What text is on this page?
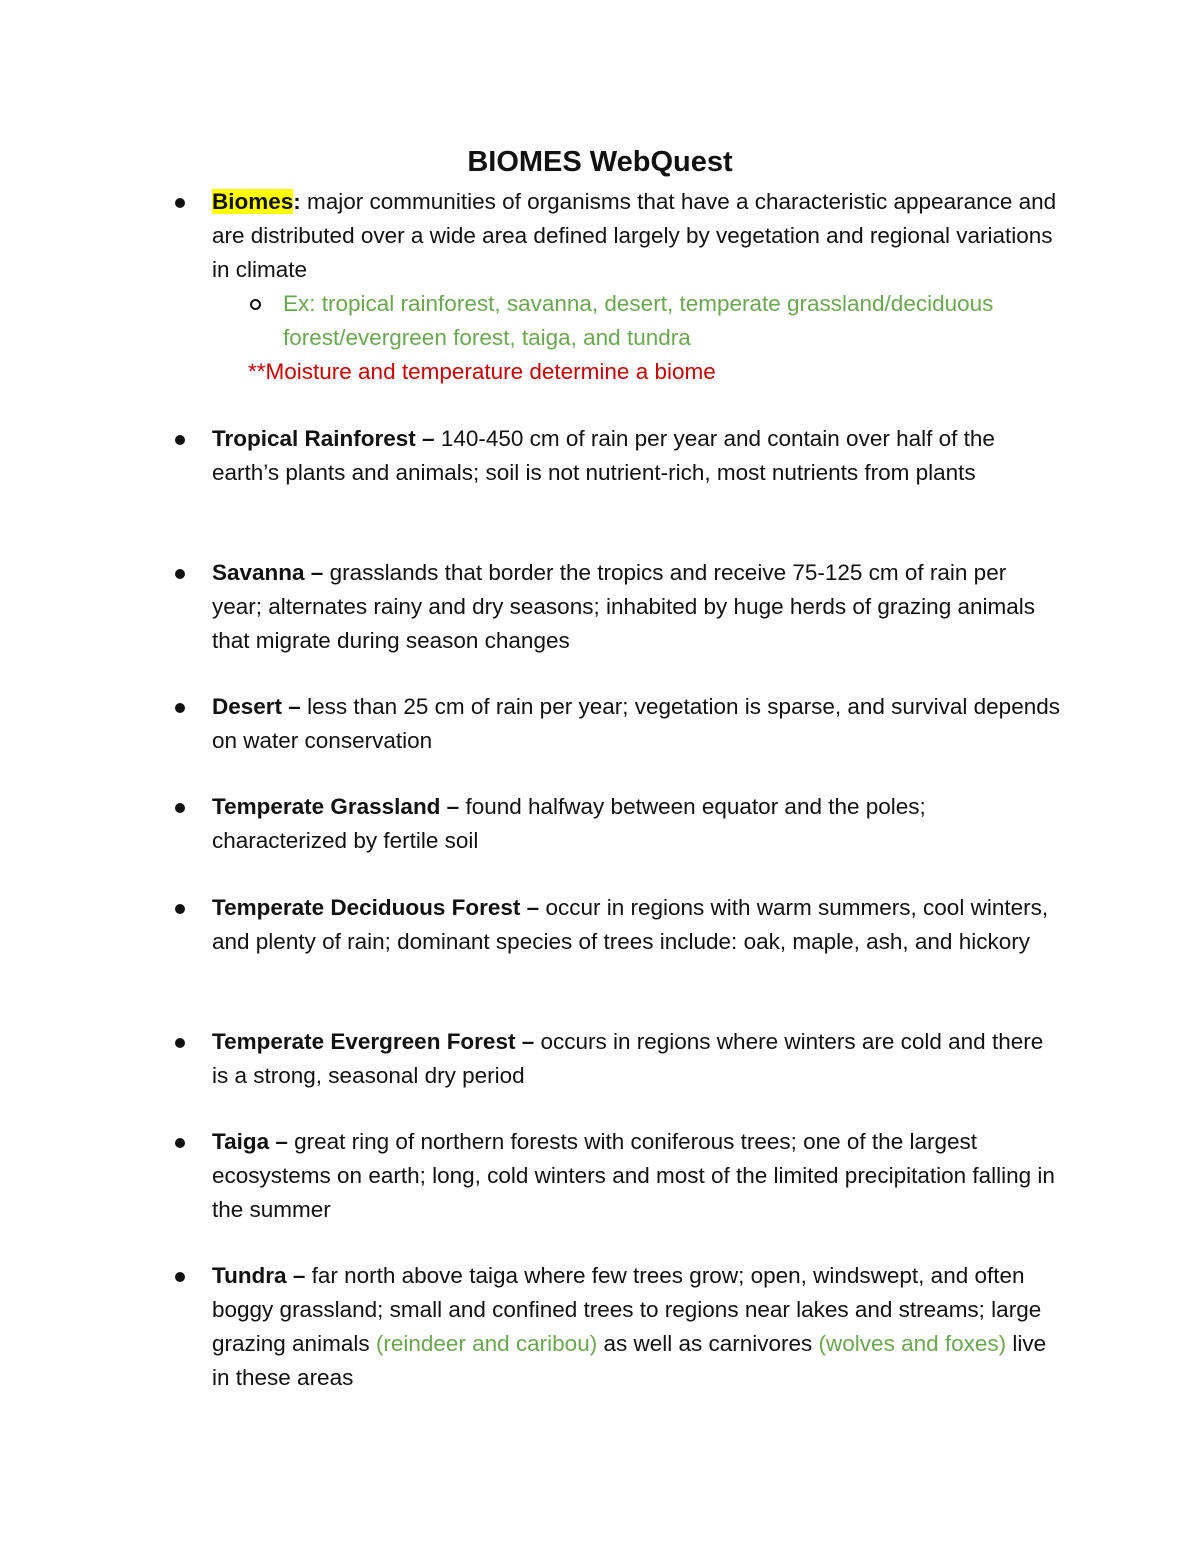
BIOMES WebQuest
Biomes: major communities of organisms that have a characteristic appearance and are distributed over a wide area defined largely by vegetation and regional variations in climate
Ex: tropical rainforest, savanna, desert, temperate grassland/deciduous forest/evergreen forest, taiga, and tundra
**Moisture and temperature determine a biome
Tropical Rainforest – 140-450 cm of rain per year and contain over half of the earth’s plants and animals; soil is not nutrient-rich, most nutrients from plants
Savanna – grasslands that border the tropics and receive 75-125 cm of rain per year; alternates rainy and dry seasons; inhabited by huge herds of grazing animals that migrate during season changes
Desert – less than 25 cm of rain per year; vegetation is sparse, and survival depends on water conservation
Temperate Grassland – found halfway between equator and the poles; characterized by fertile soil
Temperate Deciduous Forest – occur in regions with warm summers, cool winters, and plenty of rain; dominant species of trees include: oak, maple, ash, and hickory
Temperate Evergreen Forest – occurs in regions where winters are cold and there is a strong, seasonal dry period
Taiga – great ring of northern forests with coniferous trees; one of the largest ecosystems on earth; long, cold winters and most of the limited precipitation falling in the summer
Tundra – far north above taiga where few trees grow; open, windswept, and often boggy grassland; small and confined trees to regions near lakes and streams; large grazing animals (reindeer and caribou) as well as carnivores (wolves and foxes) live in these areas
